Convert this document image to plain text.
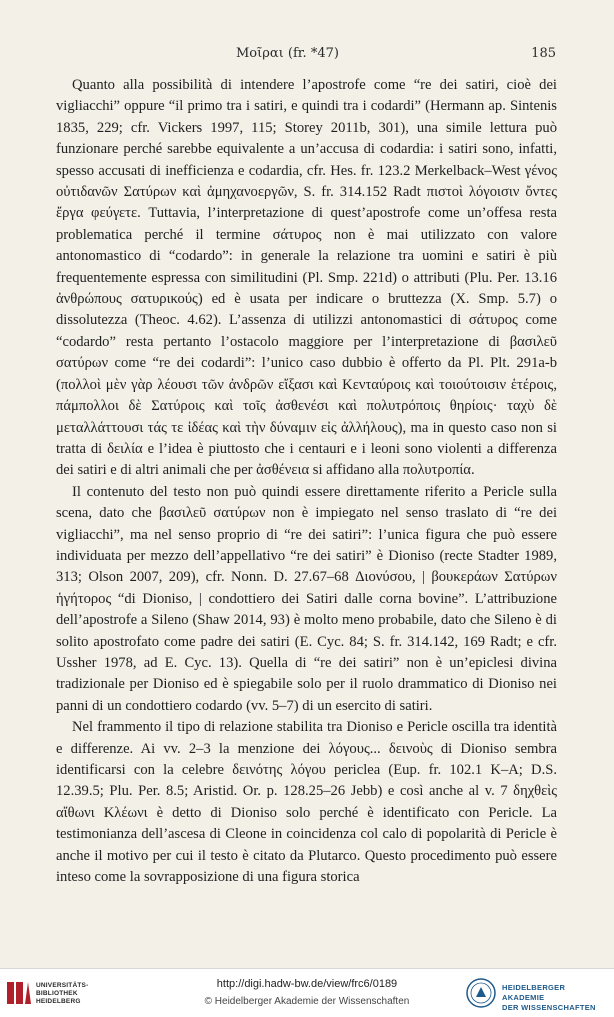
Μοῖραι (fr. *47)	185

Quanto alla possibilità di intendere l’apostrofe come “re dei satiri, cioè dei vigliacchi” oppure “il primo tra i satiri, e quindi tra i codardi” (Hermann ap. Sintenis 1835, 229; cfr. Vickers 1997, 115; Storey 2011b, 301), una simile lettura può funzionare perché sarebbe equivalente a un’accusa di codardia: i satiri sono, infatti, spesso accusati di inefficienza e codardia, cfr. Hes. fr. 123.2 Merkelback–West γένος οὐτιδανῶν Σατύρων καὶ ἀμηχανοεργῶν, S. fr. 314.152 Radt πιστοὶ λόγοισιν ὄντες ἔργα φεύγετε. Tuttavia, l’interpretazione di quest’apostrofe come un’offesa resta problematica perché il termine σάτυρος non è mai utilizzato con valore antonomastico di “codardo”: in generale la relazione tra uomini e satiri è più frequentemente espressa con similitudini (Pl. Smp. 221d) o attributi (Plu. Per. 13.16 ἀνθρώπους σατυρικούς) ed è usata per indicare o bruttezza (X. Smp. 5.7) o dissolutezza (Theoc. 4.62). L’assenza di utilizzi antonomastici di σάτυρος come “codardo” resta pertanto l’ostacolo maggiore per l’interpretazione di βασιλεῦ σατύρων come “re dei codardi”: l’unico caso dubbio è offerto da Pl. Plt. 291a-b (πολλοὶ μὲν γὰρ λέουσι τῶν ἀνδρῶν εἴξασι καὶ Κενταύροις καὶ τοιούτοισιν ἑτέροις, πάμπολλοι δὲ Σατύροις καὶ τοῖς ἀσθενέσι καὶ πολυτρόποις θηρίοις· ταχὺ δὲ μεταλλάττουσι τάς τε ἰδέας καὶ τὴν δύναμιν εἰς ἀλλήλους), ma in questo caso non si tratta di δειλία e l’idea è piuttosto che i centauri e i leoni sono violenti a differenza dei satiri e di altri animali che per ἀσθένεια si affidano alla πολυτροπία.

Il contenuto del testo non può quindi essere direttamente riferito a Pericle sulla scena, dato che βασιλεῦ σατύρων non è impiegato nel senso traslato di “re dei vigliacchi”, ma nel senso proprio di “re dei satiri”: l’unica figura che può essere individuata per mezzo dell’appellativo “re dei satiri” è Dioniso (recte Stadter 1989, 313; Olson 2007, 209), cfr. Nonn. D. 27.67–68 Διονύσου, | βουκεράων Σατύρων ἡγήτορος “di Dioniso, | condottiero dei Satiri dalle corna bovine”. L’attribuzione dell’apostrofe a Sileno (Shaw 2014, 93) è molto meno probabile, dato che Sileno è di solito apostrofato come padre dei satiri (E. Cyc. 84; S. fr. 314.142, 169 Radt; e cfr. Ussher 1978, ad E. Cyc. 13). Quella di “re dei satiri” non è un’epiclesi divina tradizionale per Dioniso ed è spiegabile solo per il ruolo drammatico di Dioniso nei panni di un condottiero codardo (vv. 5–7) di un esercito di satiri.

Nel frammento il tipo di relazione stabilita tra Dioniso e Pericle oscilla tra identità e differenze. Ai vv. 2–3 la menzione dei λόγους... δεινοὺς di Dioniso sembra identificarsi con la celebre δεινότης λόγου periclea (Eup. fr. 102.1 K–A; D.S. 12.39.5; Plu. Per. 8.5; Aristid. Or. p. 128.25–26 Jebb) e così anche al v. 7 δηχθεὶς αἴθωνι Κλέωνι è detto di Dioniso solo perché è identificato con Pericle. La testimonianza dell’ascesa di Cleone in coincidenza col calo di popolarità di Pericle è anche il motivo per cui il testo è citato da Plutarco. Questo procedimento può essere inteso come la sovrapposizione di una figura storica

UNIVERSITÄTS-
BIBLIOTHEK
HEIDELBERG
http://digi.hadw-bw.de/view/frc6/0189
© Heidelberger Akademie der Wissenschaften
HEIDELBERGER AKADEMIE
DER WISSENSCHAFTEN
